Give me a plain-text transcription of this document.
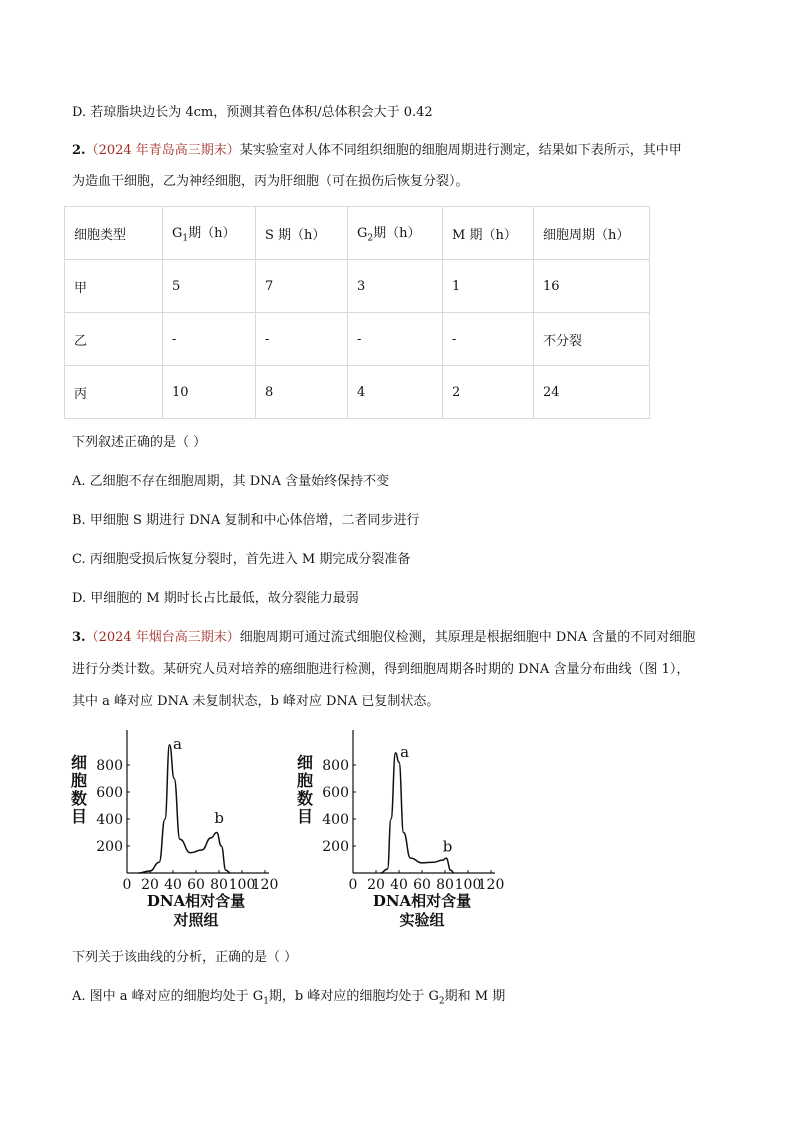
D. 若琼脂块边长为 4cm，预测其着色体积/总体积会大于 0.42
2.（2024 年青岛高三期末）某实验室对人体不同组织细胞的细胞周期进行测定，结果如下表所示，其中甲
为造血干细胞，乙为神经细胞，丙为肝细胞（可在损伤后恢复分裂）。
细胞类型	$G_1$期（h）	S 期（h）	$G_2$期（h）	M 期（h）	细胞周期（h）
甲	5	7	3	1	16
乙	-	-	-	-	不分裂
丙	10	8	4	2	24
下列叙述正确的是（ ）
A. 乙细胞不存在细胞周期，其 DNA 含量始终保持不变
B. 甲细胞 S 期进行 DNA 复制和中心体倍增，二者同步进行
C. 丙细胞受损后恢复分裂时，首先进入 M 期完成分裂准备
D. 甲细胞的 M 期时长占比最低，故分裂能力最弱
3.（2024 年烟台高三期末）细胞周期可通过流式细胞仪检测，其原理是根据细胞中 DNA 含量的不同对细胞
进行分类计数。某研究人员对培养的癌细胞进行检测，得到细胞周期各时期的 DNA 含量分布曲线（图 1），
其中 a 峰对应 DNA 未复制状态，b 峰对应 DNA 已复制状态。
0 20 40 60 80 100
120
200
400
600
800
细
胞
数
目
DNA相对含量
对照组
a
b
0 20 40 60 80 100
120
200
400
600
800
细
胞
数
目
DNA相对含量
实验组
a
b
下列关于该曲线的分析，正确的是（ ）
A. 图中 a 峰对应的细胞均处于 $G_1$期，b 峰对应的细胞均处于 $G_2$期和 M 期
